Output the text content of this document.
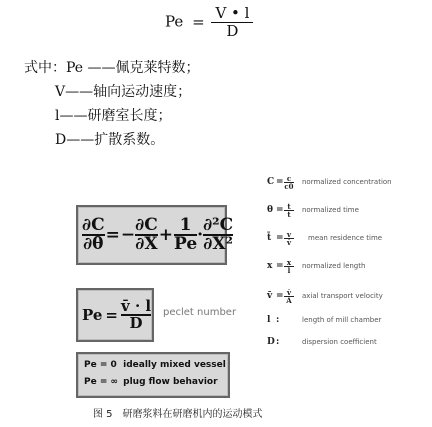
$Pe = \frac{V • l}{D}$
式中：Pe ——佩克莱特数；
V——轴向运动速度；
l——研磨室长度；
D——扩散系数。
$\frac{\partial C}{\partial\theta}$ = − $\frac{\partial C}{\partial X} + \frac{1}{Pe} \cdot \frac{\text{∂²C}}{\text{∂X²}}$
$Pe = \frac{v̄ \cdot l}{D}$ peclet number
Pe = 0 ideally mixed vessel
Pe = ∞ plug flow behavior
$C = \frac{c}{c0}$ normalized concentration
$\theta = \frac{t}{t̄}$ normalized time
t̄ = $\frac{v}{v̇}$ mean residence time
$x = \frac{x}{l}$ normalized length
v̄ = $\frac{v̇}{A}$ axial transport velocity
l :	length of mill chamber
D :	dispersion coefficient
图 5　研磨浆料在研磨机内的运动模式
